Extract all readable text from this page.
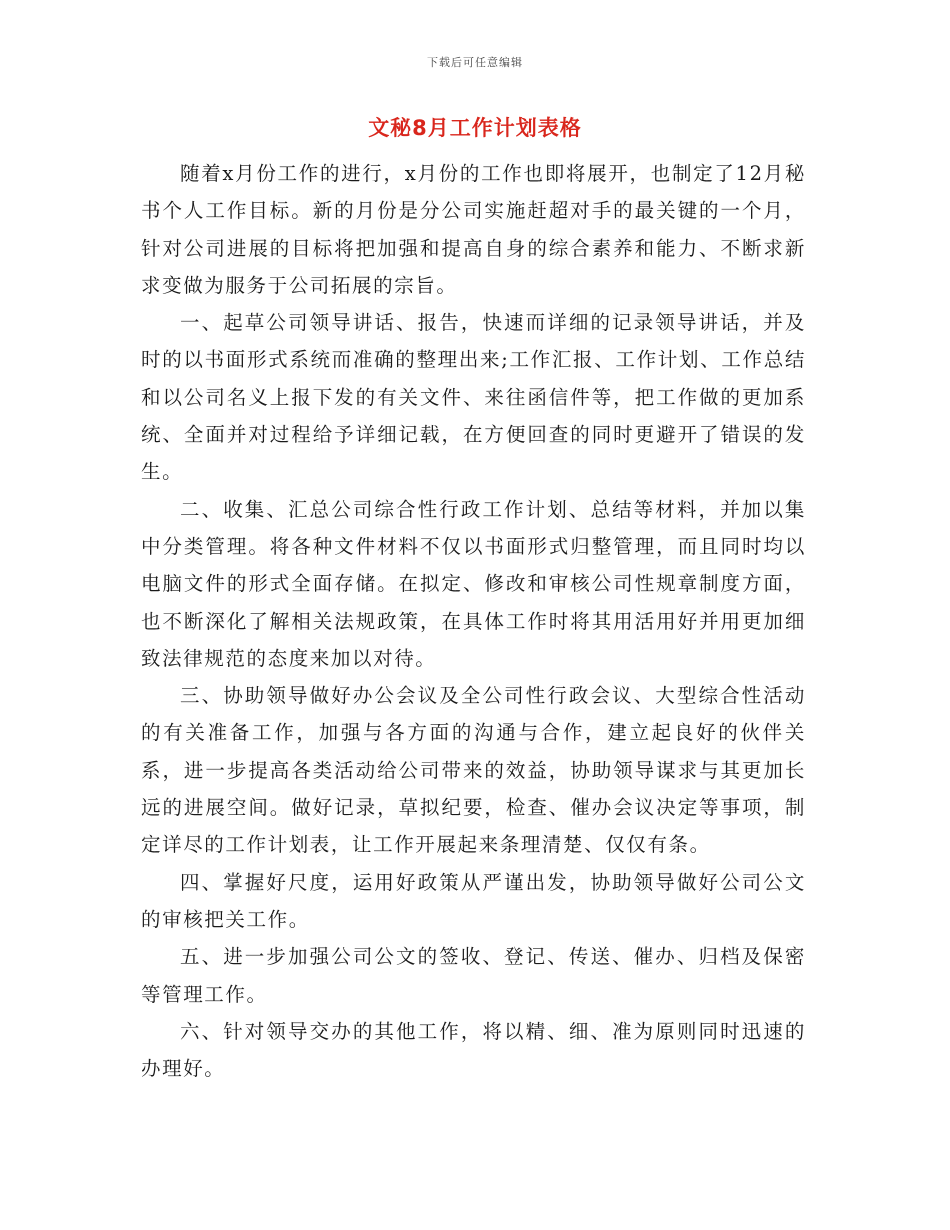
下载后可任意编辑
文秘8月工作计划表格

随着x月份工作的进行，x月份的工作也即将展开，也制定了12月秘书个人工作目标。新的月份是分公司实施赶超对手的最关键的一个月，针对公司进展的目标将把加强和提高自身的综合素养和能力、不断求新求变做为服务于公司拓展的宗旨。

一、起草公司领导讲话、报告，快速而详细的记录领导讲话，并及时的以书面形式系统而准确的整理出来;工作汇报、工作计划、工作总结和以公司名义上报下发的有关文件、来往函信件等，把工作做的更加系统、全面并对过程给予详细记载，在方便回查的同时更避开了错误的发生。

二、收集、汇总公司综合性行政工作计划、总结等材料，并加以集中分类管理。将各种文件材料不仅以书面形式归整管理，而且同时均以电脑文件的形式全面存储。在拟定、修改和审核公司性规章制度方面，也不断深化了解相关法规政策，在具体工作时将其用活用好并用更加细致法律规范的态度来加以对待。

三、协助领导做好办公会议及全公司性行政会议、大型综合性活动的有关准备工作，加强与各方面的沟通与合作，建立起良好的伙伴关系，进一步提高各类活动给公司带来的效益，协助领导谋求与其更加长远的进展空间。做好记录，草拟纪要，检查、催办会议决定等事项，制定详尽的工作计划表，让工作开展起来条理清楚、仅仅有条。

四、掌握好尺度，运用好政策从严谨出发，协助领导做好公司公文的审核把关工作。

五、进一步加强公司公文的签收、登记、传送、催办、归档及保密等管理工作。

六、针对领导交办的其他工作，将以精、细、准为原则同时迅速的办理好。
